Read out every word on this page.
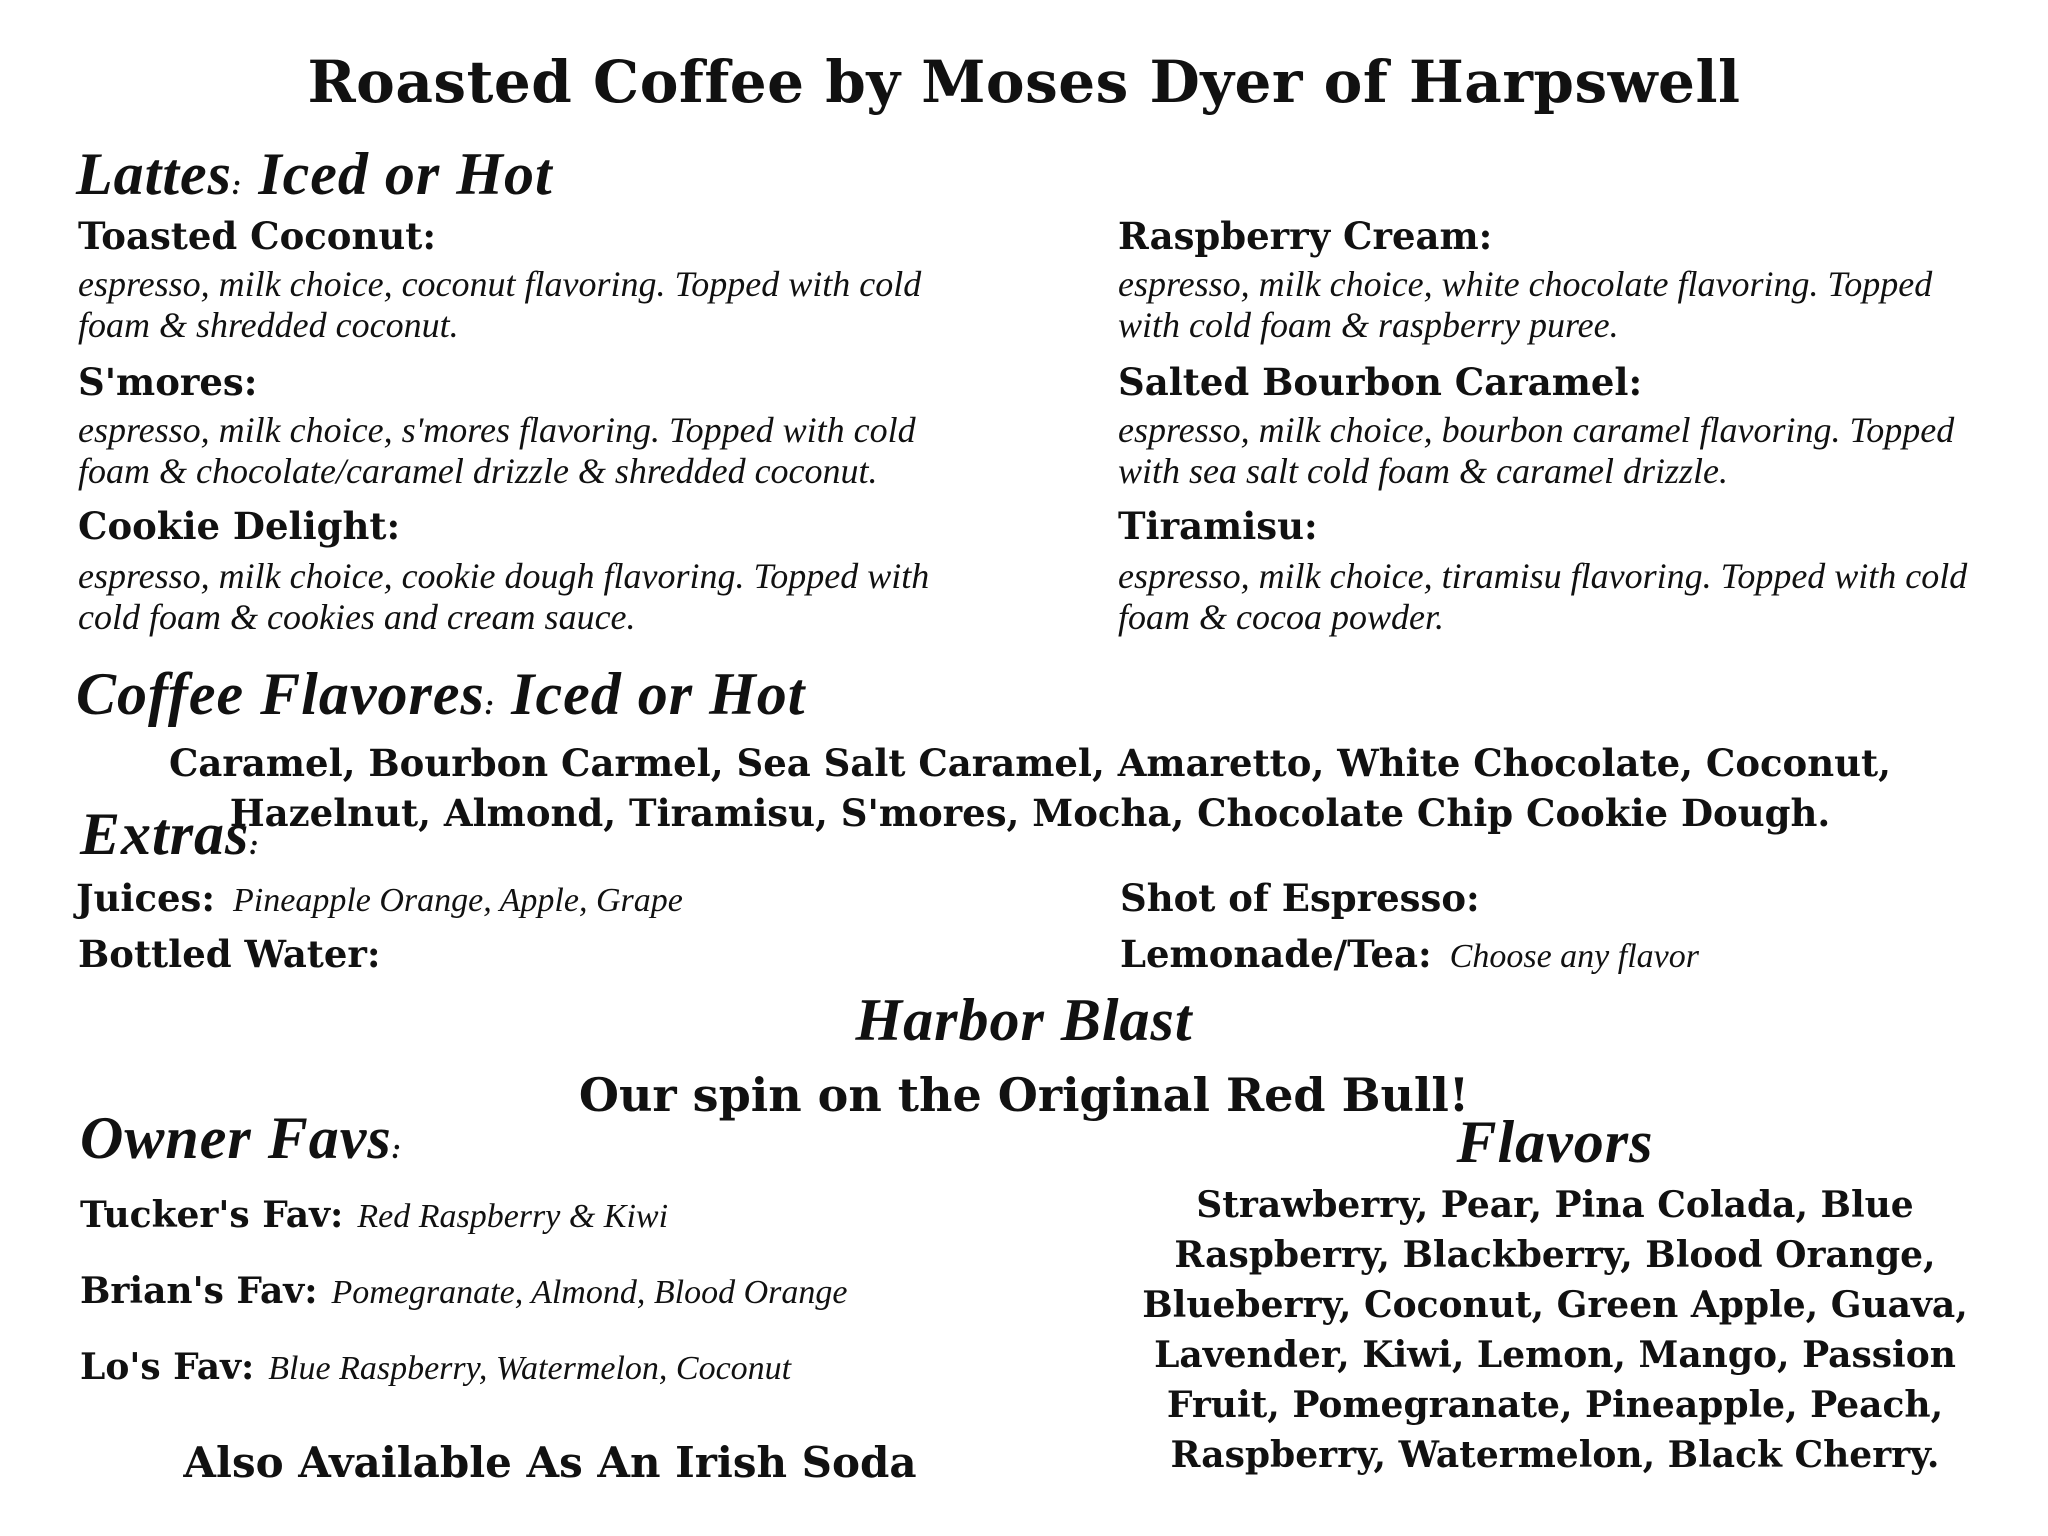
Roasted Coffee by Moses Dyer of Harpswell
Lattes: Iced or Hot
Toasted Coconut:
espresso, milk choice, coconut flavoring. Topped with cold foam & shredded coconut.
S'mores:
espresso, milk choice, s'mores flavoring. Topped with cold foam & chocolate/caramel drizzle & shredded coconut.
Cookie Delight:
espresso, milk choice, cookie dough flavoring. Topped with cold foam & cookies and cream sauce.
Raspberry Cream:
espresso, milk choice, white chocolate flavoring. Topped with cold foam & raspberry puree.
Salted Bourbon Caramel:
espresso, milk choice, bourbon caramel flavoring. Topped with sea salt cold foam & caramel drizzle.
Tiramisu:
espresso, milk choice, tiramisu flavoring. Topped with cold foam & cocoa powder.
Coffee Flavores: Iced or Hot
Caramel, Bourbon Carmel, Sea Salt Caramel, Amaretto, White Chocolate, Coconut, Hazelnut, Almond, Tiramisu, S'mores, Mocha, Chocolate Chip Cookie Dough.
Extras:
Juices: Pineapple Orange, Apple, Grape
Bottled Water:
Shot of Espresso:
Lemonade/Tea: Choose any flavor
Harbor Blast
Our spin on the Original Red Bull!
Owner Favs:
Tucker's Fav: Red Raspberry & Kiwi
Brian's Fav: Pomegranate, Almond, Blood Orange
Lo's Fav: Blue Raspberry, Watermelon, Coconut
Also Available As An Irish Soda
Flavors
Strawberry, Pear, Pina Colada, Blue Raspberry, Blackberry, Blood Orange, Blueberry, Coconut, Green Apple, Guava, Lavender, Kiwi, Lemon, Mango, Passion Fruit, Pomegranate, Pineapple, Peach, Raspberry, Watermelon, Black Cherry.
